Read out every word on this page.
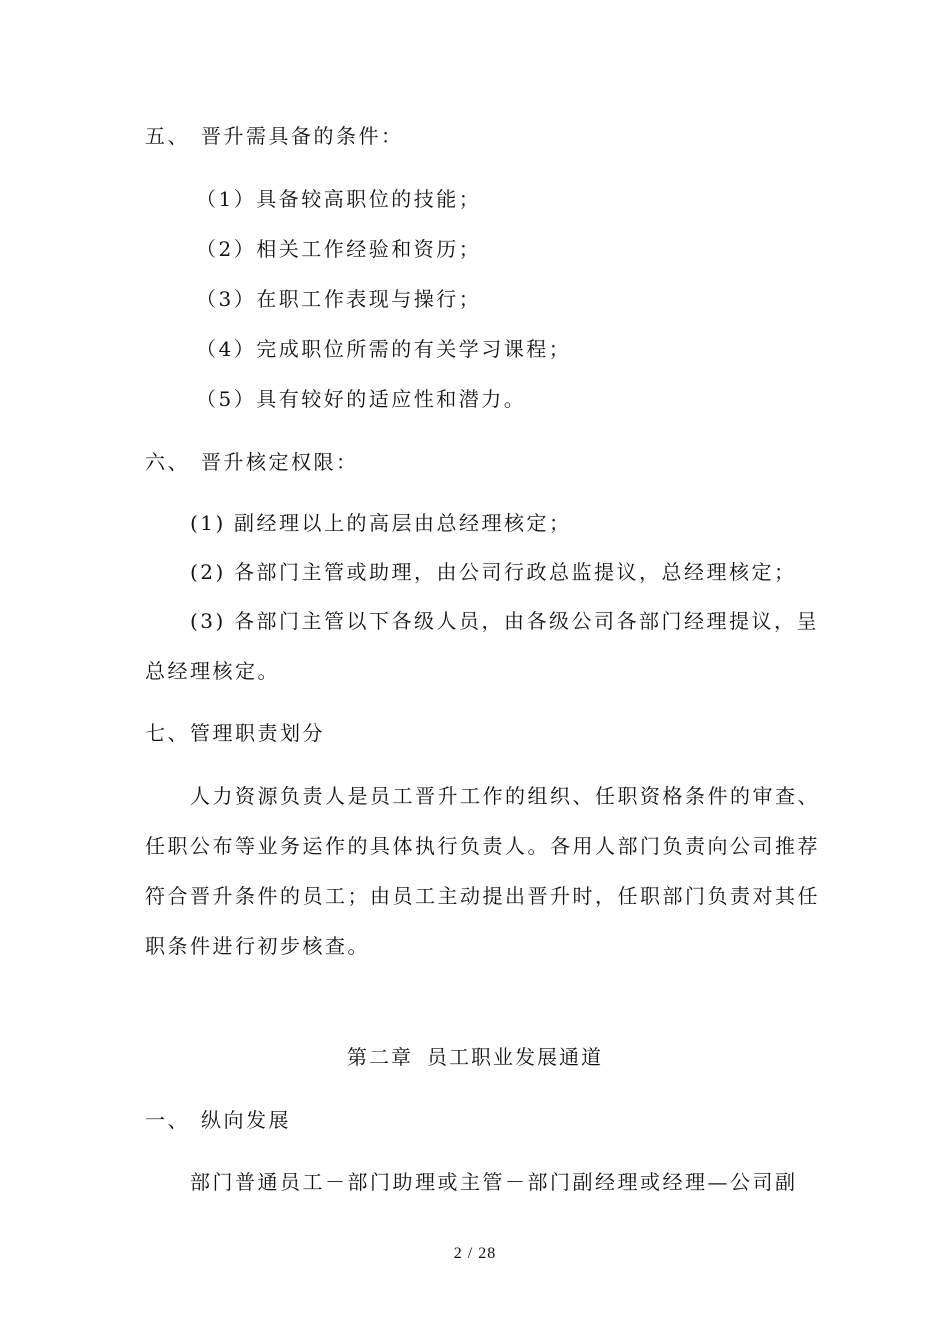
五、 晋升需具备的条件：
（1）具备较高职位的技能；
（2）相关工作经验和资历；
（3）在职工作表现与操行；
（4）完成职位所需的有关学习课程；
（5）具有较好的适应性和潜力。
六、 晋升核定权限：
(1) 副经理以上的高层由总经理核定；
(2) 各部门主管或助理，由公司行政总监提议，总经理核定；
(3) 各部门主管以下各级人员，由各级公司各部门经理提议，呈
总经理核定。
七、管理职责划分
人力资源负责人是员工晋升工作的组织、任职资格条件的审查、
任职公布等业务运作的具体执行负责人。各用人部门负责向公司推荐
符合晋升条件的员工；由员工主动提出晋升时，任职部门负责对其任
职条件进行初步核查。
第二章 员工职业发展通道
一、 纵向发展
部门普通员工－部门助理或主管－部门副经理或经理—公司副
2 / 28
